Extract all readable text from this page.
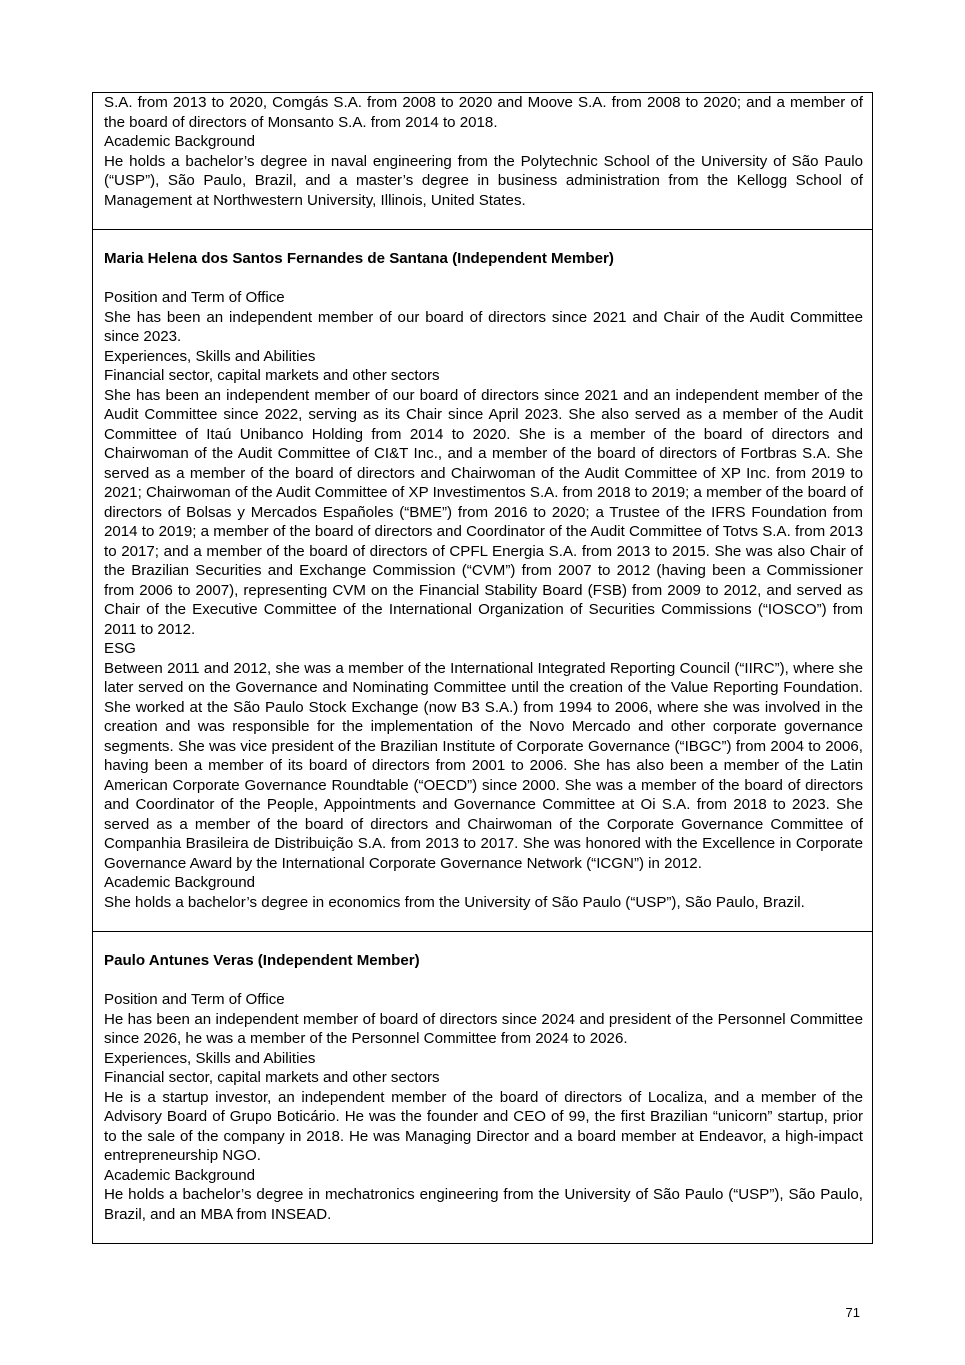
S.A. from 2013 to 2020, Comgás S.A. from 2008 to 2020 and Moove S.A. from 2008 to 2020; and a member of the board of directors of Monsanto S.A. from 2014 to 2018.

Academic Background

He holds a bachelor’s degree in naval engineering from the Polytechnic School of the University of São Paulo (“USP”), São Paulo, Brazil, and a master’s degree in business administration from the Kellogg School of Management at Northwestern University, Illinois, United States.

Maria Helena dos Santos Fernandes de Santana (Independent Member)

Position and Term of Office

She has been an independent member of our board of directors since 2021 and Chair of the Audit Committee since 2023.

Experiences, Skills and Abilities

Financial sector, capital markets and other sectors

She has been an independent member of our board of directors since 2021 and an independent member of the Audit Committee since 2022, serving as its Chair since April 2023. She also served as a member of the Audit Committee of Itaú Unibanco Holding from 2014 to 2020. She is a member of the board of directors and Chairwoman of the Audit Committee of CI&T Inc., and a member of the board of directors of Fortbras S.A. She served as a member of the board of directors and Chairwoman of the Audit Committee of XP Inc. from 2019 to 2021; Chairwoman of the Audit Committee of XP Investimentos S.A. from 2018 to 2019; a member of the board of directors of Bolsas y Mercados Españoles (“BME”) from 2016 to 2020; a Trustee of the IFRS Foundation from 2014 to 2019; a member of the board of directors and Coordinator of the Audit Committee of Totvs S.A. from 2013 to 2017; and a member of the board of directors of CPFL Energia S.A. from 2013 to 2015. She was also Chair of the Brazilian Securities and Exchange Commission (“CVM”) from 2007 to 2012 (having been a Commissioner from 2006 to 2007), representing CVM on the Financial Stability Board (FSB) from 2009 to 2012, and served as Chair of the Executive Committee of the International Organization of Securities Commissions (“IOSCO”) from 2011 to 2012.

ESG

Between 2011 and 2012, she was a member of the International Integrated Reporting Council (“IIRC”), where she later served on the Governance and Nominating Committee until the creation of the Value Reporting Foundation. She worked at the São Paulo Stock Exchange (now B3 S.A.) from 1994 to 2006, where she was involved in the creation and was responsible for the implementation of the Novo Mercado and other corporate governance segments. She was vice president of the Brazilian Institute of Corporate Governance (“IBGC”) from 2004 to 2006, having been a member of its board of directors from 2001 to 2006. She has also been a member of the Latin American Corporate Governance Roundtable (“OECD”) since 2000. She was a member of the board of directors and Coordinator of the People, Appointments and Governance Committee at Oi S.A. from 2018 to 2023. She served as a member of the board of directors and Chairwoman of the Corporate Governance Committee of Companhia Brasileira de Distribuição S.A. from 2013 to 2017. She was honored with the Excellence in Corporate Governance Award by the International Corporate Governance Network (“ICGN”) in 2012.

Academic Background

She holds a bachelor’s degree in economics from the University of São Paulo (“USP”), São Paulo, Brazil.

Paulo Antunes Veras (Independent Member)

Position and Term of Office

He has been an independent member of board of directors since 2024 and president of the Personnel Committee since 2026, he was a member of the Personnel Committee from 2024 to 2026.

Experiences, Skills and Abilities

Financial sector, capital markets and other sectors

He is a startup investor, an independent member of the board of directors of Localiza, and a member of the Advisory Board of Grupo Boticário. He was the founder and CEO of 99, the first Brazilian “unicorn” startup, prior to the sale of the company in 2018. He was Managing Director and a board member at Endeavor, a high-impact entrepreneurship NGO.

Academic Background

He holds a bachelor’s degree in mechatronics engineering from the University of São Paulo (“USP”), São Paulo, Brazil, and an MBA from INSEAD.

71
